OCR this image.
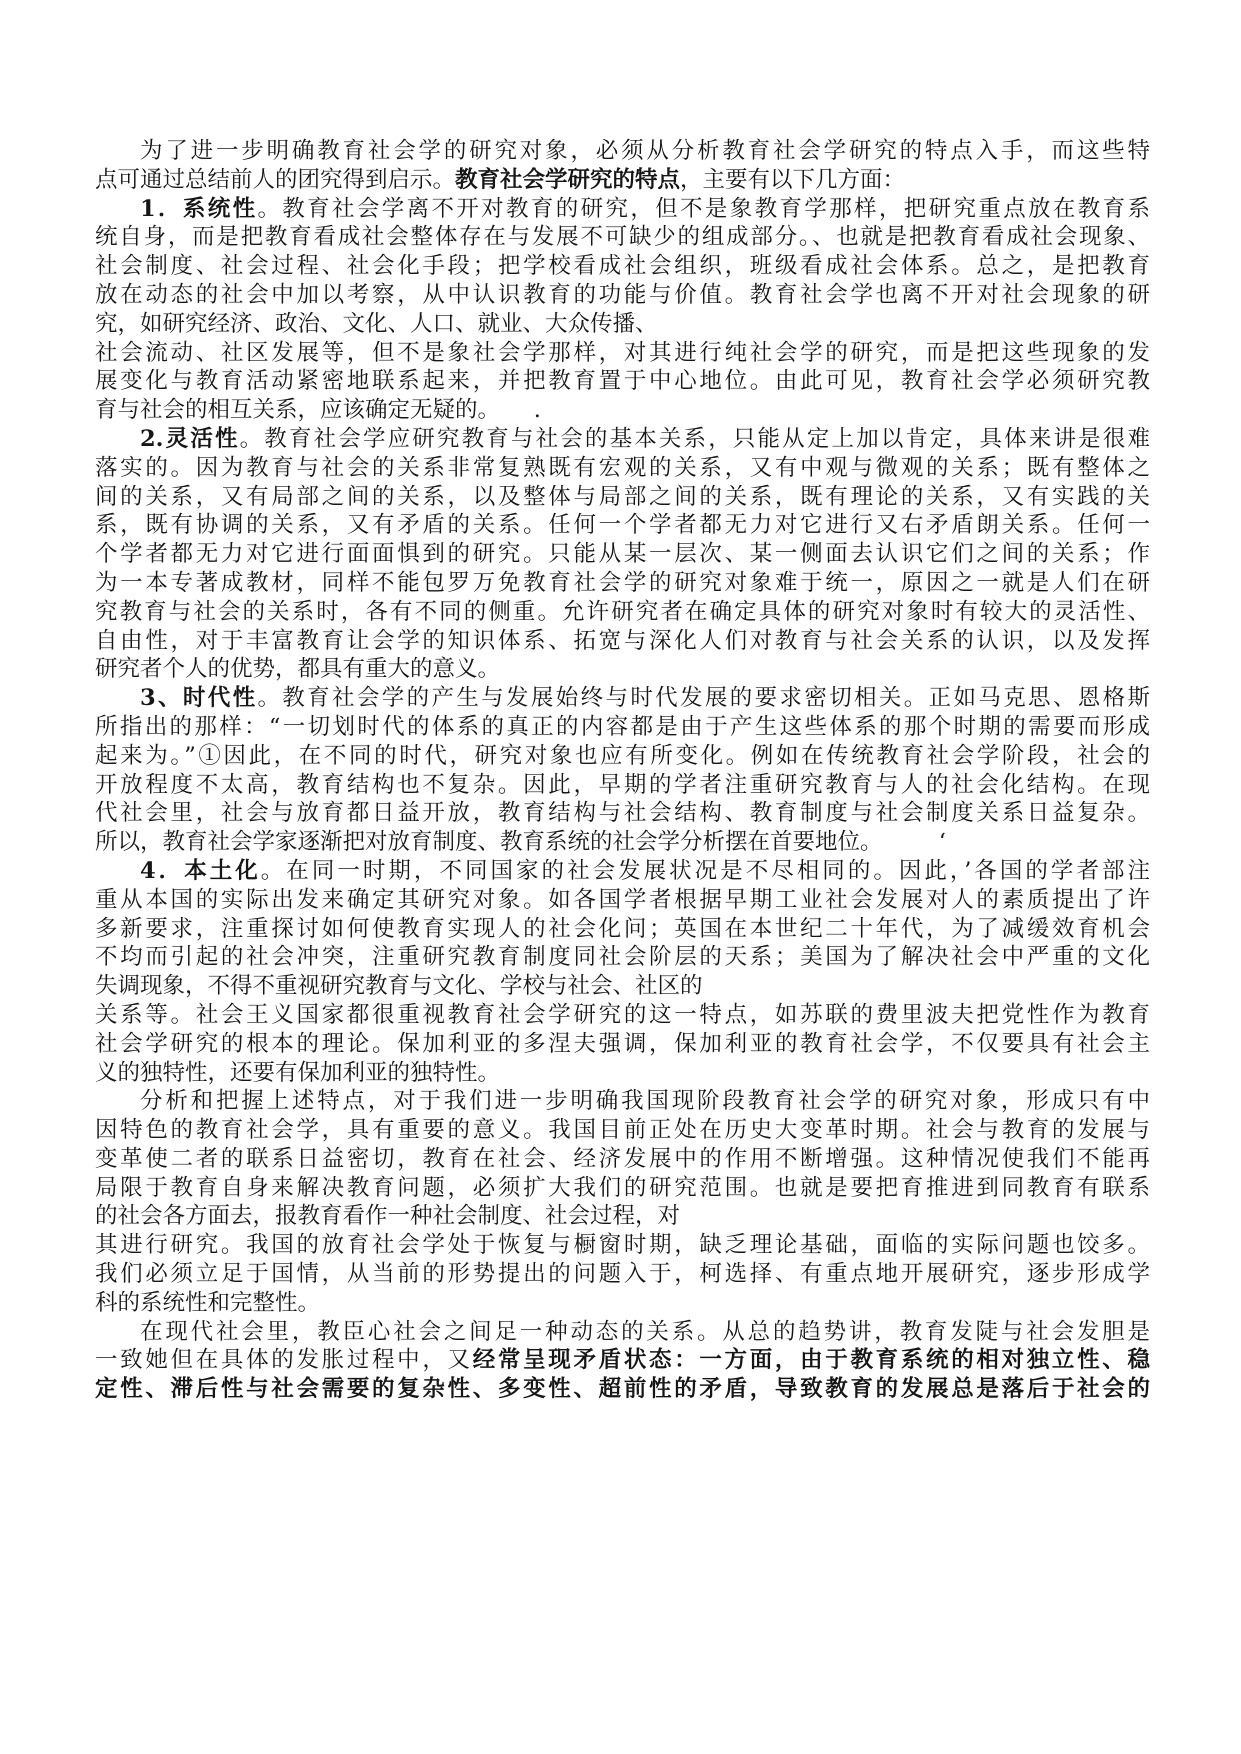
为了进一步明确教育社会学的研究对象，必须从分析教育社会学研究的特点入手，而这些特
点可通过总结前人的团究得到启示。教育社会学研究的特点，主要有以下几方面：
1．系统性。教育社会学离不开对教育的研究，但不是象教育学那样，把研究重点放在教育系
统自身，而是把教育看成社会整体存在与发展不可缺少的组成部分。、也就是把教育看成社会现象、
社会制度、社会过程、社会化手段；把学校看成社会组织，班级看成社会体系。总之，是把教育
放在动态的社会中加以考察，从中认识教育的功能与价值。教育社会学也离不开对社会现象的研
究，如研究经济、政治、文化、人口、就业、大众传播、
社会流动、社区发展等，但不是象社会学那样，对其进行纯社会学的研究，而是把这些现象的发
展变化与教育活动紧密地联系起来，并把教育置于中心地位。由此可见，教育社会学必须研究教
育与社会的相互关系，应该确定无疑的。　　.
2.灵活性。教育社会学应研究教育与社会的基本关系，只能从定上加以肯定，具体来讲是很难
落实的。因为教育与社会的关系非常复熟既有宏观的关系，又有中观与微观的关系；既有整体之
间的关系，又有局部之间的关系，以及整体与局部之间的关系，既有理论的关系，又有实践的关
系，既有协调的关系，又有矛盾的关系。任何一个学者都无力对它进行又右矛盾朗关系。任何一
个学者都无力对它进行面面惧到的研究。只能从某一层次、某一侧面去认识它们之间的关系；作
为一本专著成教材，同样不能包罗万免教育社会学的研究对象难于统一，原因之一就是人们在研
究教育与社会的关系时，各有不同的侧重。允许研究者在确定具体的研究对象时有较大的灵活性、
自由性，对于丰富教育让会学的知识体系、拓宽与深化人们对教育与社会关系的认识，以及发挥
研究者个人的优势，都具有重大的意义。
3、时代性。教育社会学的产生与发展始终与时代发展的要求密切相关。正如马克思、恩格斯
所指出的那样：“一切划时代的体系的真正的内容都是由于产生这些体系的那个时期的需要而形成
起来为。”①因此，在不同的时代，研究对象也应有所变化。例如在传统教育社会学阶段，社会的
开放程度不太高，教育结构也不复杂。因此，早期的学者注重研究教育与人的社会化结构。在现
代社会里，社会与放育都日益开放，教育结构与社会结构、教育制度与社会制度关系日益复杂。
所以，教育社会学家逐渐把对放育制度、教育系统的社会学分析摆在首要地位。　　　‘
4．本土化。在同一时期，不同国家的社会发展状况是不尽相同的。因此，’各国的学者部注
重从本国的实际出发来确定其研究对象。如各国学者根据早期工业社会发展对人的素质提出了许
多新要求，注重探讨如何使教育实现人的社会化问；英国在本世纪二十年代，为了减缓效育机会
不均而引起的社会冲突，注重研究教育制度同社会阶层的天系；美国为了解决社会中严重的文化
失调现象，不得不重视研究教育与文化、学校与社会、社区的
关系等。社会王义国家都很重视教育社会学研究的这一特点，如苏联的费里波夫把党性作为教育
社会学研究的根本的理论。保加利亚的多涅夫强调，保加利亚的教育社会学，不仅要具有社会主
义的独特性，还要有保加利亚的独特性。
分析和把握上述特点，对于我们进一步明确我国现阶段教育社会学的研究对象，形成只有中
因特色的教育社会学，具有重要的意义。我国目前正处在历史大变革时期。社会与教育的发展与
变革使二者的联系日益密切，教育在社会、经济发展中的作用不断增强。这种情况使我们不能再
局限于教育自身来解决教育问题，必须扩大我们的研究范围。也就是要把育推进到同教育有联系
的社会各方面去，报教育看作一种社会制度、社会过程，对
其进行研究。我国的放育社会学处于恢复与橱窗时期，缺乏理论基础，面临的实际问题也饺多。
我们必须立足于国情，从当前的形势提出的问题入于，柯选择、有重点地开展研究，逐步形成学
科的系统性和完整性。
在现代社会里，教臣心社会之间足一种动态的关系。从总的趋势讲，教育发陡与社会发胆是
一致她但在具体的发胀过程中，又经常呈现矛盾状态：一方面，由于教育系统的相对独立性、稳
定性、滞后性与社会需要的复杂性、多变性、超前性的矛盾，导致教育的发展总是落后于社会的
